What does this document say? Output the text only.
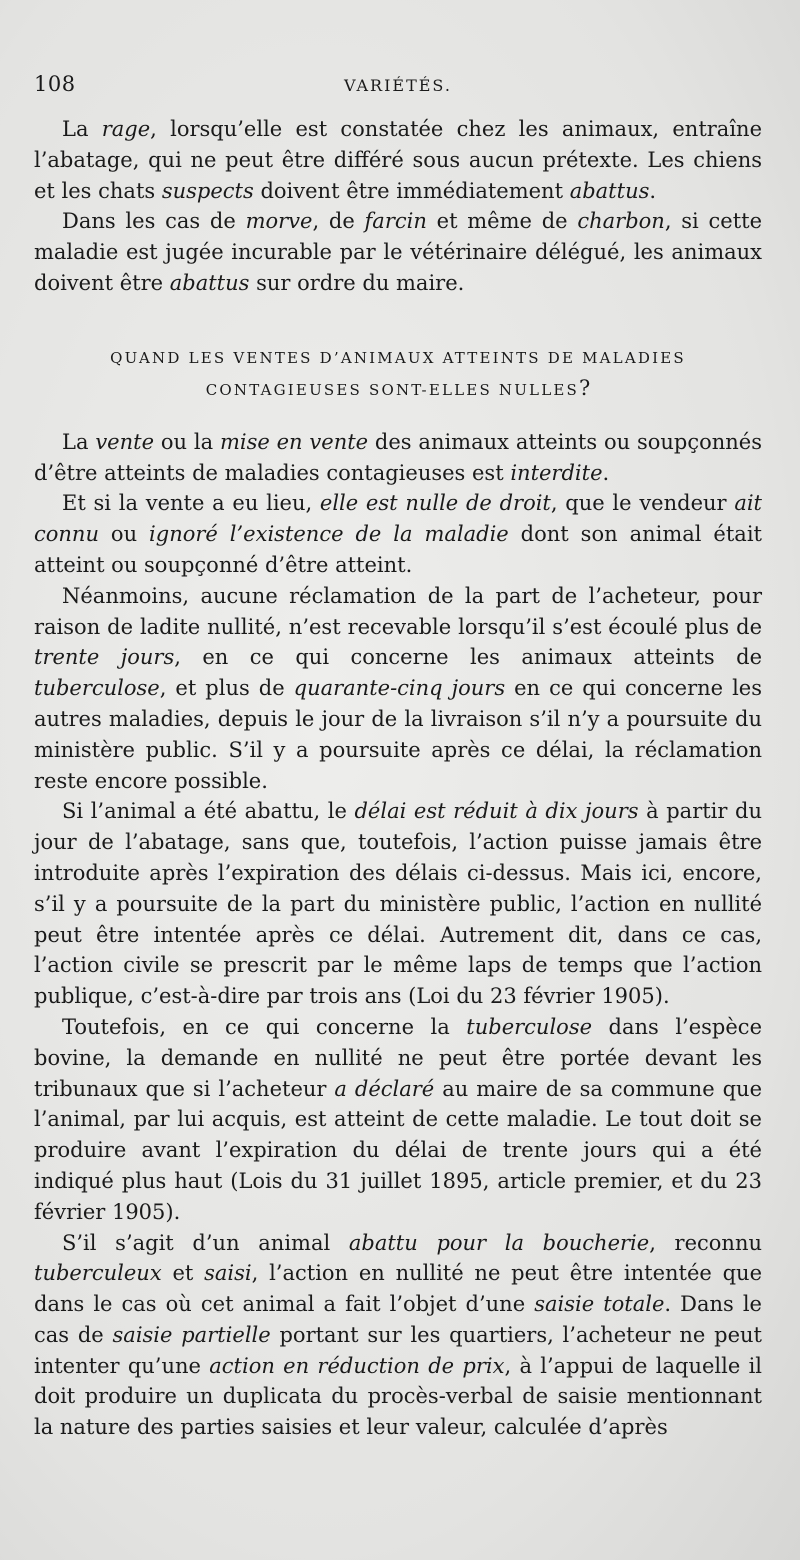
108	VARIÉTÉS.

La rage, lorsqu’elle est constatée chez les animaux, entraîne l’abatage, qui ne peut être différé sous aucun prétexte. Les chiens et les chats suspects doivent être immédiatement abattus.

Dans les cas de morve, de farcin et même de charbon, si cette maladie est jugée incurable par le vétérinaire délégué, les animaux doivent être abattus sur ordre du maire.

QUAND LES VENTES D’ANIMAUX ATTEINTS DE MALADIES CONTAGIEUSES SONT-ELLES NULLES?

La vente ou la mise en vente des animaux atteints ou soupçonnés d’être atteints de maladies contagieuses est interdite.

Et si la vente a eu lieu, elle est nulle de droit, que le vendeur ait connu ou ignoré l’existence de la maladie dont son animal était atteint ou soupçonné d’être atteint.

Néanmoins, aucune réclamation de la part de l’acheteur, pour raison de ladite nullité, n’est recevable lorsqu’il s’est écoulé plus de trente jours, en ce qui concerne les animaux atteints de tuberculose, et plus de quarante-cinq jours en ce qui concerne les autres maladies, depuis le jour de la livraison s’il n’y a poursuite du ministère public. S’il y a poursuite après ce délai, la réclamation reste encore possible.

Si l’animal a été abattu, le délai est réduit à dix jours à partir du jour de l’abatage, sans que, toutefois, l’action puisse jamais être introduite après l’expiration des délais ci-dessus. Mais ici, encore, s’il y a poursuite de la part du ministère public, l’action en nullité peut être intentée après ce délai. Autrement dit, dans ce cas, l’action civile se prescrit par le même laps de temps que l’action publique, c’est-à-dire par trois ans (Loi du 23 février 1905).

Toutefois, en ce qui concerne la tuberculose dans l’espèce bovine, la demande en nullité ne peut être portée devant les tribunaux que si l’acheteur a déclaré au maire de sa commune que l’animal, par lui acquis, est atteint de cette maladie. Le tout doit se produire avant l’expiration du délai de trente jours qui a été indiqué plus haut (Lois du 31 juillet 1895, article premier, et du 23 février 1905).

S’il s’agit d’un animal abattu pour la boucherie, reconnu tuberculeux et saisi, l’action en nullité ne peut être intentée que dans le cas où cet animal a fait l’objet d’une saisie totale. Dans le cas de saisie partielle portant sur les quartiers, l’acheteur ne peut intenter qu’une action en réduction de prix, à l’appui de laquelle il doit produire un duplicata du procès-verbal de saisie mentionnant la nature des parties saisies et leur valeur, calculée d’après
